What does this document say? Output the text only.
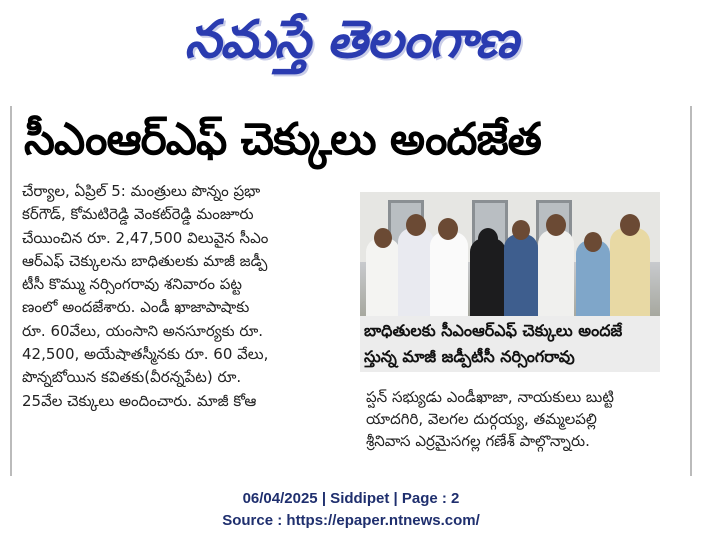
నమస్తే తెలంగాణ
సీఎంఆర్ఎఫ్ చెక్కులు అందజేత
చేర్యాల, ఏప్రిల్ 5: మంత్రులు పొన్నం ప్రభా
కర్‌గౌడ్, కోమటిరెడ్డి వెంకట్‌రెడ్డి మంజూరు
చేయించిన రూ. 2,47,500 విలువైన సీఎం
ఆర్ఎఫ్ చెక్కులను బాధితులకు మాజీ జడ్పీ
టీసీ కొమ్ము నర్సింగరావు శనివారం పట్ట
ణంలో అందజేశారు. ఎండీ ఖాజాపాషాకు
రూ. 60వేలు, యంసాని అనసూర్యకు రూ.
42,500, అయేషాతస్మీనకు రూ. 60 వేలు,
పొన్నబోయిన కవితకు(వీరన్నపేట) రూ.
25వేల చెక్కులు అందించారు. మాజీ కోఆ
బాధితులకు సీఎంఆర్ఎఫ్ చెక్కులు అందజే
స్తున్న మాజీ జడ్పీటీసీ నర్సింగరావు
ప్షన్ సభ్యుడు ఎండీఖాజా, నాయకులు బుట్టి
యాదగిరి, వెలగల దుర్గయ్య, తమ్మలపల్లి
శ్రీనివాస ఎర్రమైసగల్ల గణేశ్ పాల్గొన్నారు.
06/04/2025 | Siddipet | Page : 2
Source : https://epaper.ntnews.com/
